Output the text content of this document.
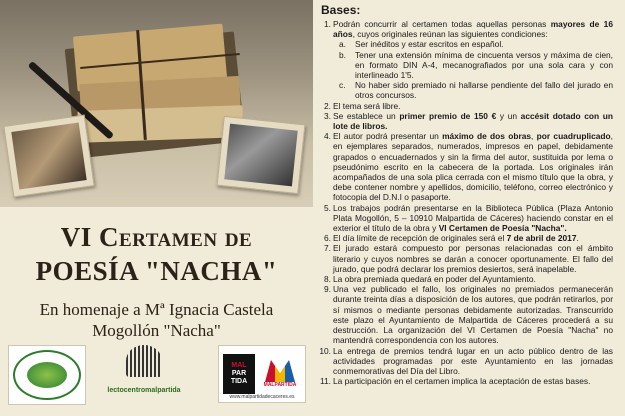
VI Certamen de
POESÍA "NACHA"
En homenaje a Mª Ignacia Castela
Mogollón "Nacha"
lectocentromalpartida
MAL
PAR
TIDA	MALPARTIDA
www.malpartidadecaceres.es
Bases:
1. Podrán concurrir al certamen todas aquellas personas mayores de 16 años, cuyos originales reúnan las siguientes condiciones:
a. Ser inéditos y estar escritos en español.
b. Tener una extensión mínima de cincuenta versos y máxima de cien, en formato DIN A-4, mecanografiados por una sola cara y con interlineado 1'5.
c. No haber sido premiado ni hallarse pendiente del fallo del jurado en otros concursos.
2. El tema será libre.
3. Se establece un primer premio de 150 € y un accésit dotado con un lote de libros.
4. El autor podrá presentar un máximo de dos obras, por cuadruplicado, en ejemplares separados, numerados, impresos en papel, debidamente grapados o encuadernados y sin la firma del autor, sustituida por lema o pseudónimo escrito en la cabecera de la portada. Los originales irán acompañados de una sola plica cerrada con el mismo título que la obra, y debe contener nombre y apellidos, domicilio, teléfono, correo electrónico y fotocopia del D.N.I o pasaporte.
5. Los trabajos podrán presentarse en la Biblioteca Pública (Plaza Antonio Plata Mogollón, 5 – 10910 Malpartida de Cáceres) haciendo constar en el exterior el título de la obra y VI Certamen de Poesía "Nacha".
6. El día límite de recepción de originales será el 7 de abril de 2017.
7. El jurado estará compuesto por personas relacionadas con el ámbito literario y cuyos nombres se darán a conocer oportunamente. El fallo del jurado, que podrá declarar los premios desiertos, será inapelable.
8. La obra premiada quedará en poder del Ayuntamiento.
9. Una vez publicado el fallo, los originales no premiados permanecerán durante treinta días a disposición de los autores, que podrán retirarlos, por sí mismos o mediante personas debidamente autorizadas. Transcurrido este plazo el Ayuntamiento de Malpartida de Cáceres procederá a su destrucción. La organización del VI Certamen de Poesía "Nacha" no mantendrá correspondencia con los autores.
10. La entrega de premios tendrá lugar en un acto público dentro de las actividades programadas por este Ayuntamiento en las jornadas conmemorativas del Día del Libro.
11. La participación en el certamen implica la aceptación de estas bases.
